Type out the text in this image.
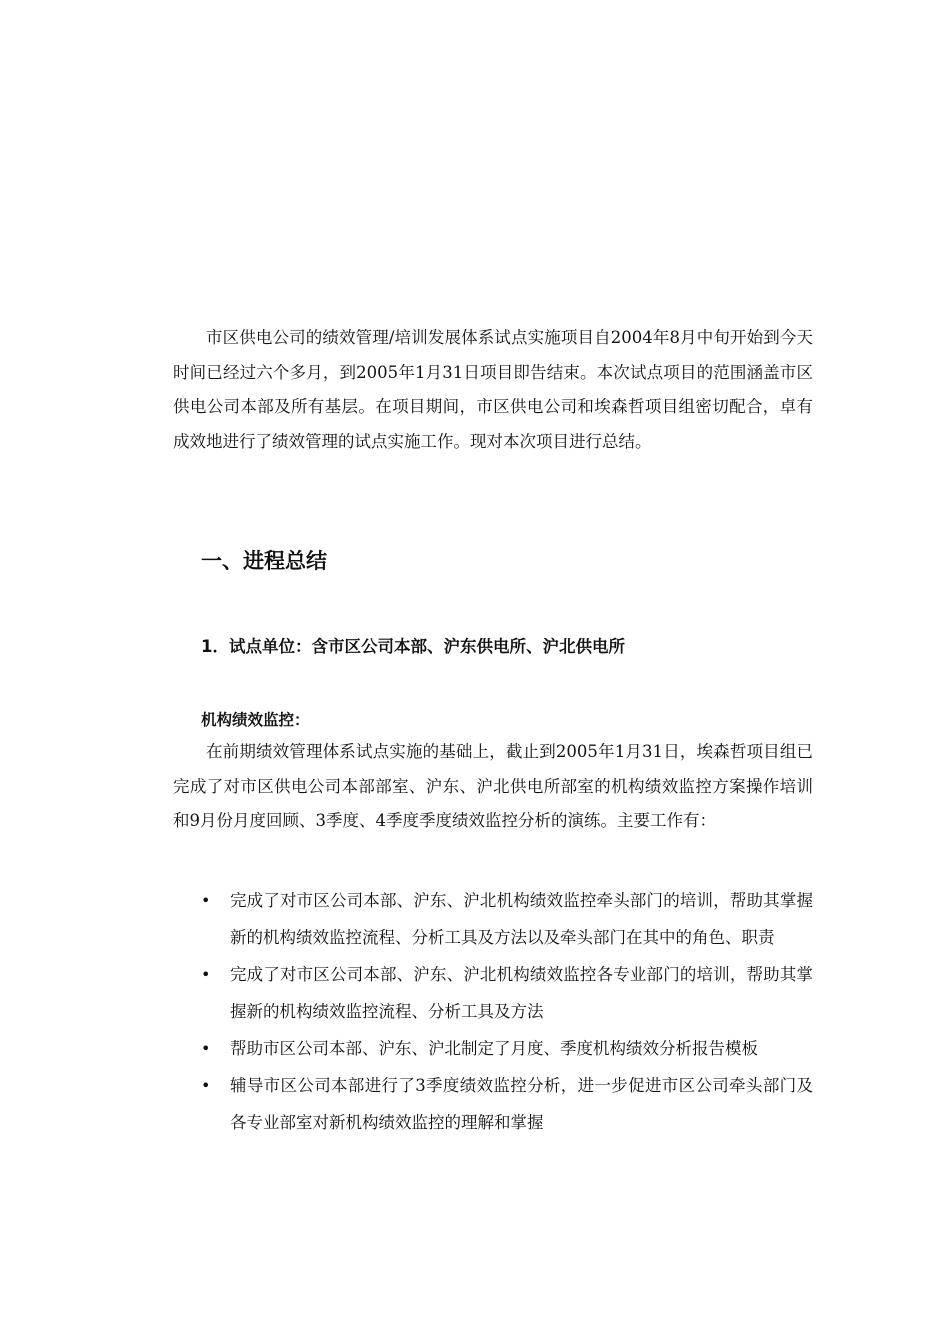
市区供电公司的绩效管理/培训发展体系试点实施项目自2004年8月中旬开始到今天时间已经过六个多月，到2005年1月31日项目即告结束。本次试点项目的范围涵盖市区供电公司本部及所有基层。在项目期间，市区供电公司和埃森哲项目组密切配合，卓有成效地进行了绩效管理的试点实施工作。现对本次项目进行总结。

一、进程总结
1．试点单位：含市区公司本部、沪东供电所、沪北供电所
机构绩效监控：

在前期绩效管理体系试点实施的基础上，截止到2005年1月31日，埃森哲项目组已完成了对市区供电公司本部部室、沪东、沪北供电所部室的机构绩效监控方案操作培训和9月份月度回顾、3季度、4季度季度绩效监控分析的演练。主要工作有：

• 完成了对市区公司本部、沪东、沪北机构绩效监控牵头部门的培训，帮助其掌握新的机构绩效监控流程、分析工具及方法以及牵头部门在其中的角色、职责
• 完成了对市区公司本部、沪东、沪北机构绩效监控各专业部门的培训，帮助其掌握新的机构绩效监控流程、分析工具及方法
• 帮助市区公司本部、沪东、沪北制定了月度、季度机构绩效分析报告模板
• 辅导市区公司本部进行了3季度绩效监控分析，进一步促进市区公司牵头部门及各专业部室对新机构绩效监控的理解和掌握
